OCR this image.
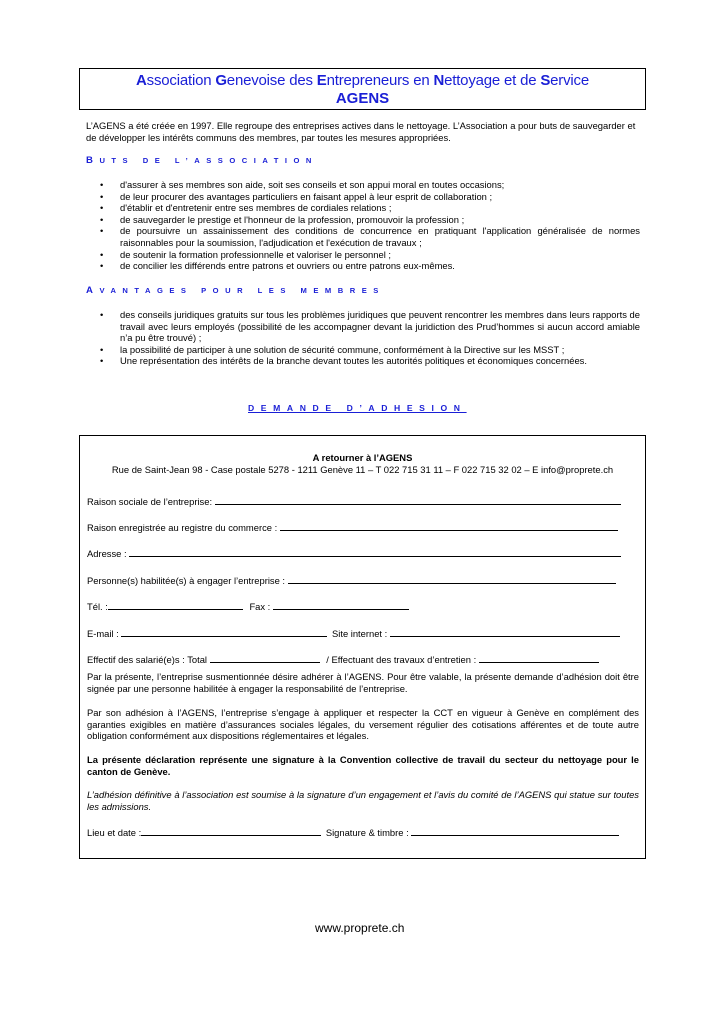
Association Genevoise des Entrepreneurs en Nettoyage et de Service
AGENS
L’AGENS a été créée en 1997. Elle regroupe des entreprises actives dans le nettoyage. L’Association a pour buts de sauvegarder et de développer les intérêts communs des membres, par toutes les mesures appropriées.
BUTS DE L’ASSOCIATION
• d'assurer à ses membres son aide, soit ses conseils et son appui moral en toutes occasions;
• de leur procurer des avantages particuliers en faisant appel à leur esprit de collaboration ;
• d'établir et d'entretenir entre ses membres de cordiales relations ;
• de sauvegarder le prestige et l'honneur de la profession, promouvoir la profession ;
• de poursuivre un assainissement des conditions de concurrence en pratiquant l'application généralisée de normes raisonnables pour la soumission, l'adjudication et l'exécution de travaux ;
• de soutenir la formation professionnelle et valoriser le personnel ;
• de concilier les différends entre patrons et ouvriers ou entre patrons eux-mêmes.
AVANTAGES POUR LES MEMBRES
• des conseils juridiques gratuits sur tous les problèmes juridiques que peuvent rencontrer les membres dans leurs rapports de travail avec leurs employés (possibilité de les accompagner devant la juridiction des Prud’hommes si aucun accord amiable n’a pu être trouvé) ;
• la possibilité de participer à une solution de sécurité commune, conformément à la Directive sur les MSST ;
• Une représentation des intérêts de la branche devant toutes les autorités politiques et économiques concernées.
DEMANDE D’ADHESION
A retourner à l’AGENS
Rue de Saint-Jean 98 - Case postale 5278 - 1211 Genève 11 – T 022 715 31 11 – F 022 715 32 02 – E info@proprete.ch
Raison sociale de l’entreprise:
Raison enregistrée au registre du commerce :
Adresse :
Personne(s) habilitée(s) à engager l’entreprise :
Tél. :	Fax :
E-mail :	Site internet :
Effectif des salarié(e)s : Total	/ Effectuant des travaux d’entretien :
Par la présente, l’entreprise susmentionnée désire adhérer à l’AGENS. Pour être valable, la présente demande d’adhésion doit être signée par une personne habilitée à engager la responsabilité de l’entreprise.
Par son adhésion à l’AGENS, l’entreprise s’engage à appliquer et respecter la CCT en vigueur à Genève en complément des garanties exigibles en matière d’assurances sociales légales, du versement régulier des cotisations afférentes et de toute autre obligation conformément aux dispositions réglementaires et légales.
La présente déclaration représente une signature à la Convention collective de travail du secteur du nettoyage pour le canton de Genève.
L’adhésion définitive à l’association est soumise à la signature d’un engagement et l’avis du comité de l’AGENS qui statue sur toutes les admissions.
Lieu et date :	Signature & timbre :
www.proprete.ch
